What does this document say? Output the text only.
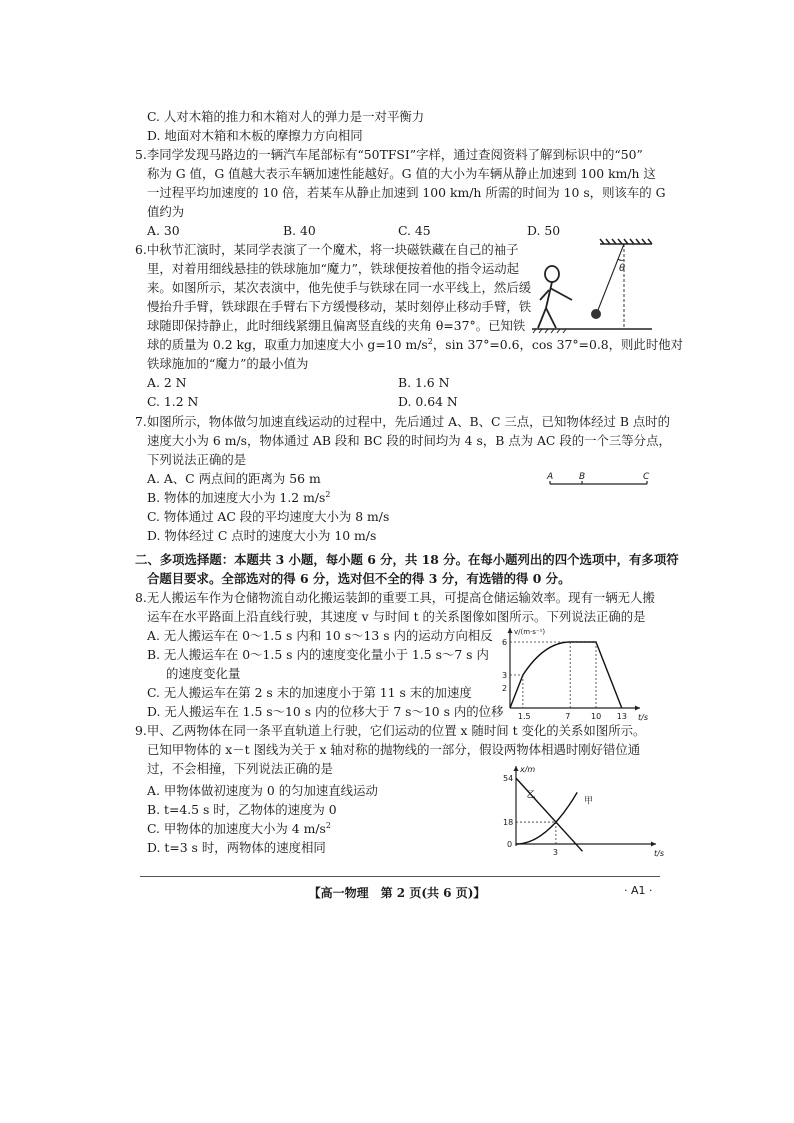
C. 人对木箱的推力和木箱对人的弹力是一对平衡力
D. 地面对木箱和木板的摩擦力方向相同
5.李同学发现马路边的一辆汽车尾部标有“50TFSI”字样，通过查阅资料了解到标识中的“50”
称为 G 值，G 值越大表示车辆加速性能越好。G 值的大小为车辆从静止加速到 100 km/h 这
一过程平均加速度的 10 倍，若某车从静止加速到 100 km/h 所需的时间为 10 s，则该车的 G
值约为
A. 30	B. 40	C. 45	D. 50
6.中秋节汇演时，某同学表演了一个魔术，将一块磁铁藏在自己的袖子
里，对着用细线悬挂的铁球施加“魔力”，铁球便按着他的指令运动起
来。如图所示，某次表演中，他先使手与铁球在同一水平线上，然后缓
慢抬升手臂，铁球跟在手臂右下方缓慢移动，某时刻停止移动手臂，铁
球随即保持静止，此时细线紧绷且偏离竖直线的夹角 θ=37°。已知铁
球的质量为 0.2 kg，取重力加速度大小 g=10 $m/s^2$，sin 37°=0.6，cos 37°=0.8，则此时他对
铁球施加的“魔力”的最小值为
A. 2 N	B. 1.6 N
C. 1.2 N	D. 0.64 N
θ
7.如图所示，物体做匀加速直线运动的过程中，先后通过 A、B、C 三点，已知物体经过 B 点时的
速度大小为 6 m/s，物体通过 AB 段和 BC 段的时间均为 4 s，B 点为 AC 段的一个三等分点，
下列说法正确的是
A. A、C 两点间的距离为 56 m
B. 物体的加速度大小为 1.2 $m/s^2$
C. 物体通过 AC 段的平均速度大小为 8 m/s
D. 物体经过 C 点时的速度大小为 10 m/s
A	B	C
二、多项选择题：本题共 3 小题，每小题 6 分，共 18 分。在每小题列出的四个选项中，有多项符
合题目要求。全部选对的得 6 分，选对但不全的得 3 分，有选错的得 0 分。
8.无人搬运车作为仓储物流自动化搬运装卸的重要工具，可提高仓储运输效率。现有一辆无人搬
运车在水平路面上沿直线行驶，其速度 v 与时间 t 的关系图像如图所示。下列说法正确的是
A. 无人搬运车在 0～1.5 s 内和 10 s～13 s 内的运动方向相反
B. 无人搬运车在 0～1.5 s 内的速度变化量小于 1.5 s～7 s 内
的速度变化量
C. 无人搬运车在第 2 s 末的加速度小于第 11 s 末的加速度
D. 无人搬运车在 1.5 s～10 s 内的位移大于 7 s～10 s 内的位移
v/(m·s⁻¹)
t/s
6
3
2
1.5	7	10 13
9.甲、乙两物体在同一条平直轨道上行驶，它们运动的位置 x 随时间 t 变化的关系如图所示。
已知甲物体的 x－t 图线为关于 x 轴对称的抛物线的一部分，假设两物体相遇时刚好错位通
过，不会相撞，下列说法正确的是
A. 甲物体做初速度为 0 的匀加速直线运动
B. t=4.5 s 时，乙物体的速度为 0
C. 甲物体的加速度大小为 4 $m/s^2$
D. t=3 s 时，两物体的速度相同
x/m
t/s
54
18
0
3
乙
甲
【高一物理　第 2 页(共 6 页)】	· A1 ·
